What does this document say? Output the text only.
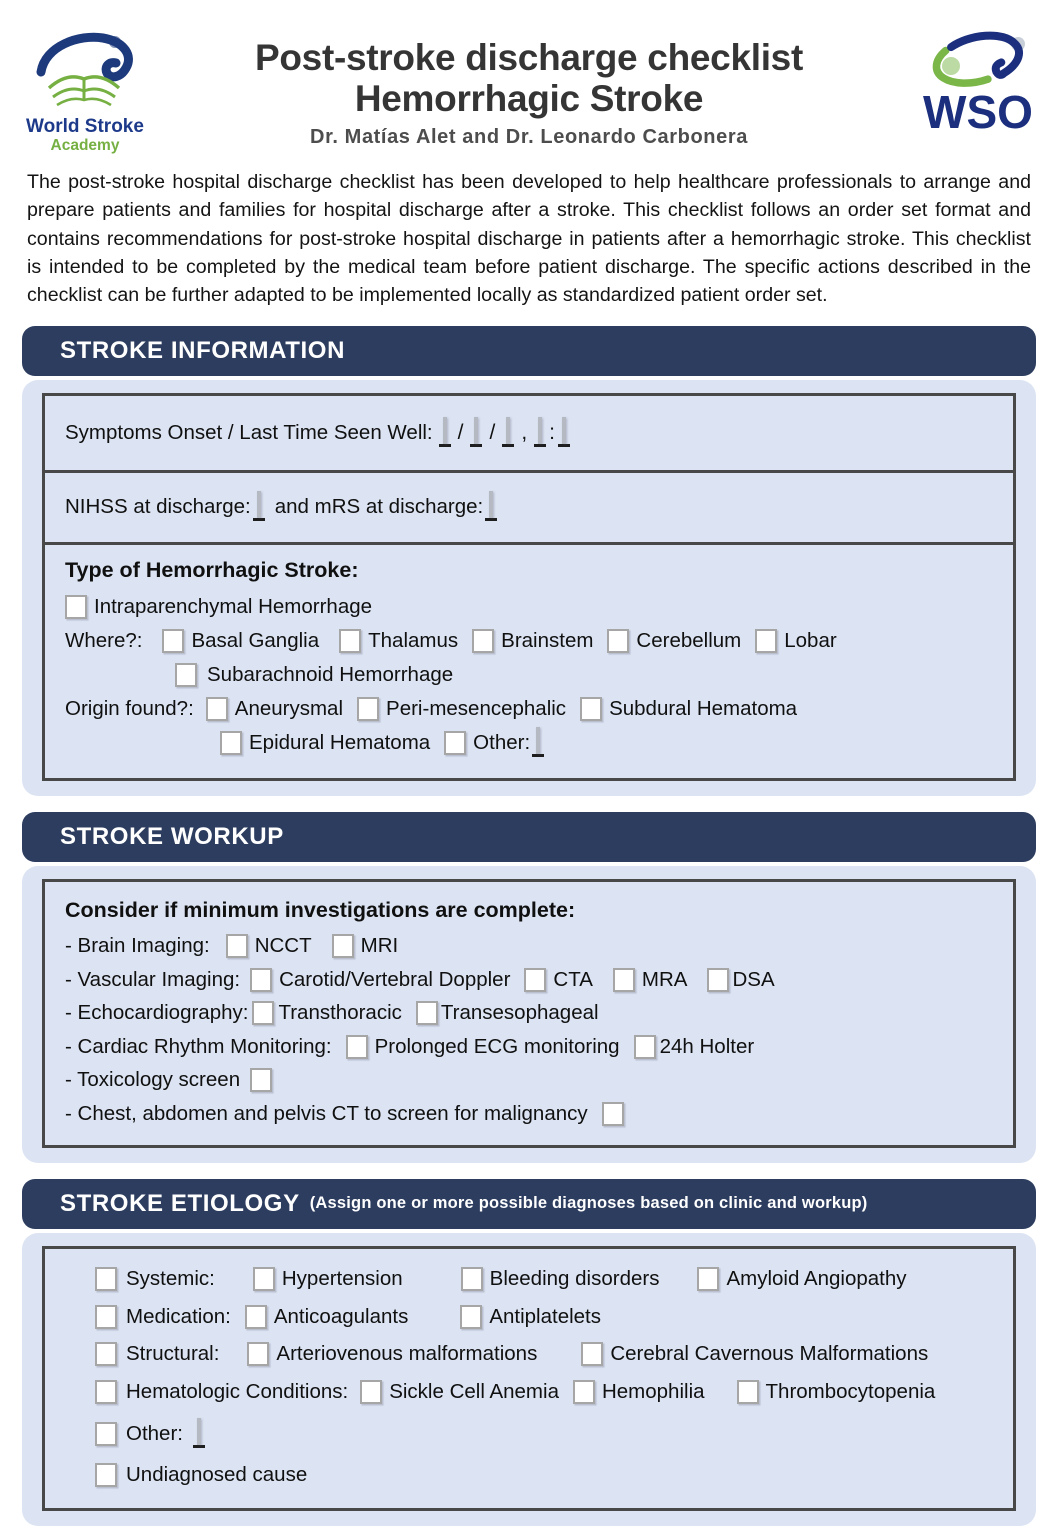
World Stroke
Academy
Post-stroke discharge checklist
Hemorrhagic Stroke
Dr. Matías Alet and Dr. Leonardo Carbonera	WSO

The post-stroke hospital discharge checklist has been developed to help healthcare professionals to arrange and prepare patients and families for hospital discharge after a stroke. This checklist follows an order set format and contains recommendations for post-stroke hospital discharge in patients after a hemorrhagic stroke. This checklist is intended to be completed by the medical team before patient discharge. The specific actions described in the checklist can be further adapted to be implemented locally as standardized patient order set.

STROKE INFORMATION
Symptoms Onset / Last Time Seen Well:	/	/	,	:
NIHSS at discharge: and mRS at discharge:
Type of Hemorrhagic Stroke:
Intraparenchymal Hemorrhage
Where?: Basal Ganglia Thalamus Brainstem Cerebellum Lobar
Subarachnoid Hemorrhage
Origin found?: Aneurysmal Peri-mesencephalic Subdural Hematoma
Epidural Hematoma Other:
STROKE WORKUP
Consider if minimum investigations are complete:
- Brain Imaging: NCCT MRI
- Vascular Imaging: Carotid/Vertebral Doppler CTA MRA DSA
- Echocardiography: Transthoracic Transesophageal
- Cardiac Rhythm Monitoring: Prolonged ECG monitoring 24h Holter
- Toxicology screen
- Chest, abdomen and pelvis CT to screen for malignancy
STROKE ETIOLOGY (Assign one or more possible diagnoses based on clinic and workup)
Systemic:	Hypertension	Bleeding disorders	Amyloid Angiopathy
Medication: Anticoagulants	Antiplatelets
Structural:	Arteriovenous malformations	Cerebral Cavernous Malformations
Hematologic Conditions: Sickle Cell Anemia Hemophilia	Thrombocytopenia
Other:
Undiagnosed cause
